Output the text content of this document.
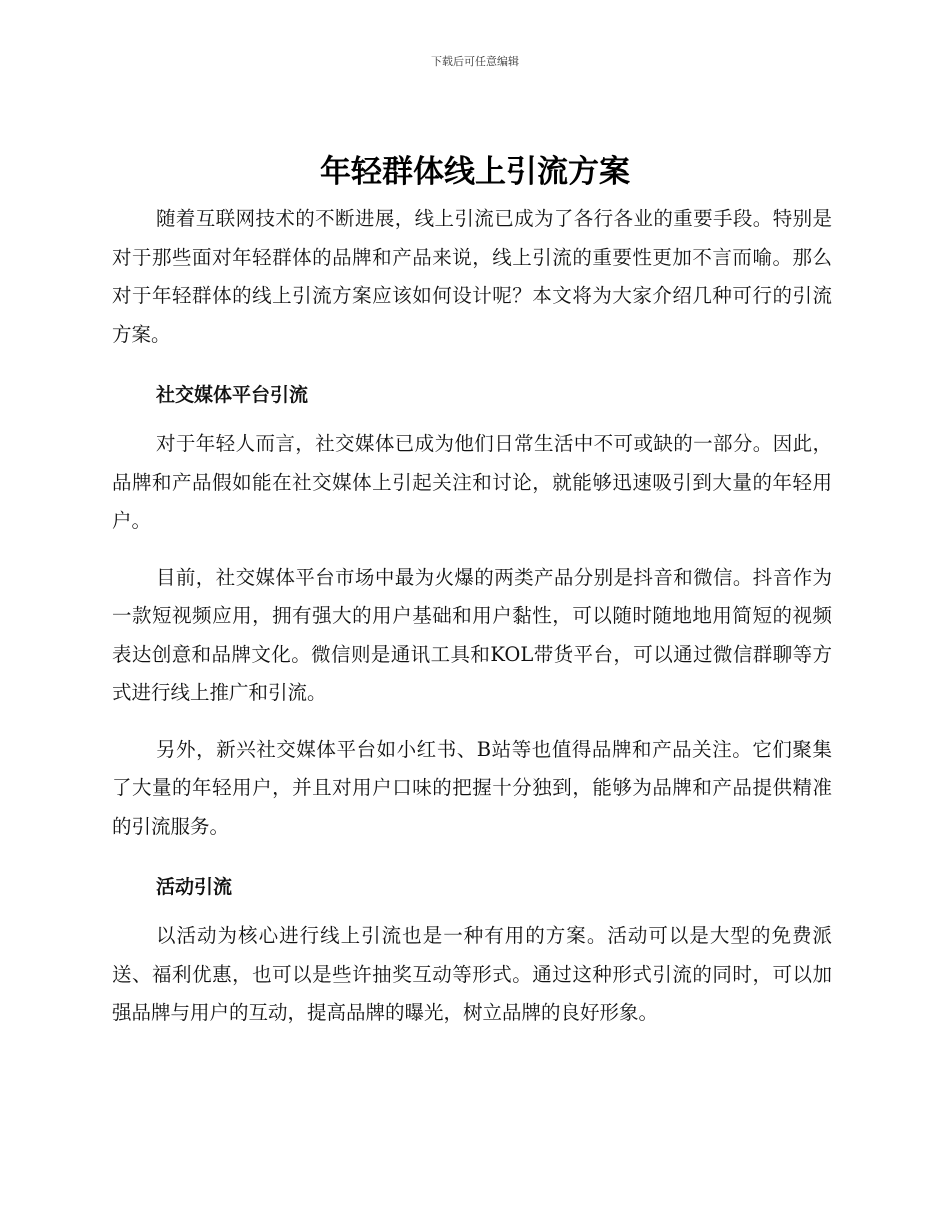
下载后可任意编辑
年轻群体线上引流方案

随着互联网技术的不断进展，线上引流已成为了各行各业的重要手段。特别是对于那些面对年轻群体的品牌和产品来说，线上引流的重要性更加不言而喻。那么对于年轻群体的线上引流方案应该如何设计呢？本文将为大家介绍几种可行的引流方案。

社交媒体平台引流

对于年轻人而言，社交媒体已成为他们日常生活中不可或缺的一部分。因此，品牌和产品假如能在社交媒体上引起关注和讨论，就能够迅速吸引到大量的年轻用户。

目前，社交媒体平台市场中最为火爆的两类产品分别是抖音和微信。抖音作为一款短视频应用，拥有强大的用户基础和用户黏性，可以随时随地地用简短的视频表达创意和品牌文化。微信则是通讯工具和KOL带货平台，可以通过微信群聊等方式进行线上推广和引流。

另外，新兴社交媒体平台如小红书、B站等也值得品牌和产品关注。它们聚集了大量的年轻用户，并且对用户口味的把握十分独到，能够为品牌和产品提供精准的引流服务。

活动引流

以活动为核心进行线上引流也是一种有用的方案。活动可以是大型的免费派送、福利优惠，也可以是些许抽奖互动等形式。通过这种形式引流的同时，可以加强品牌与用户的互动，提高品牌的曝光，树立品牌的良好形象。
